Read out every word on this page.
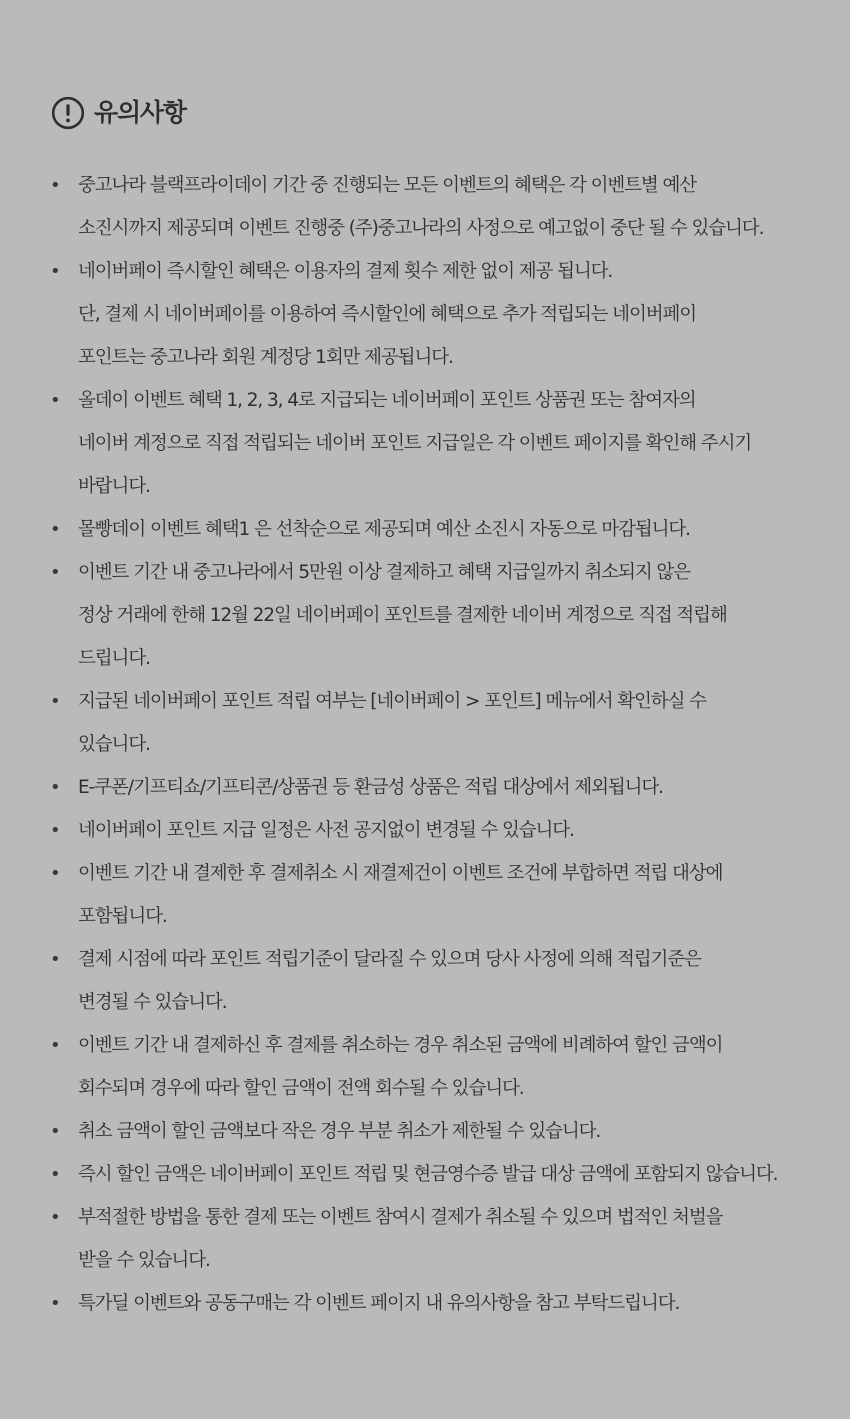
유의사항
• 중고나라 블랙프라이데이 기간 중 진행되는 모든 이벤트의 혜택은 각 이벤트별 예산
소진시까지 제공되며 이벤트 진행중 (주)중고나라의 사정으로 예고없이 중단 될 수 있습니다.
• 네이버페이 즉시할인 혜택은 이용자의 결제 횟수 제한 없이 제공 됩니다.
단, 결제 시 네이버페이를 이용하여 즉시할인에 혜택으로 추가 적립되는 네이버페이
포인트는 중고나라 회원 계정당 1회만 제공됩니다.
• 올데이 이벤트 혜택 1, 2, 3, 4로 지급되는 네이버페이 포인트 상품권 또는 참여자의
네이버 계정으로 직접 적립되는 네이버 포인트 지급일은 각 이벤트 페이지를 확인해 주시기
바랍니다.
• 몰빵데이 이벤트 혜택1 은 선착순으로 제공되며 예산 소진시 자동으로 마감됩니다.
• 이벤트 기간 내 중고나라에서 5만원 이상 결제하고 혜택 지급일까지 취소되지 않은
정상 거래에 한해 12월 22일 네이버페이 포인트를 결제한 네이버 계정으로 직접 적립해
드립니다.
• 지급된 네이버페이 포인트 적립 여부는 [네이버페이 > 포인트] 메뉴에서 확인하실 수
있습니다.
• E-쿠폰/기프티쇼/기프티콘/상품권 등 환금성 상품은 적립 대상에서 제외됩니다.
• 네이버페이 포인트 지급 일정은 사전 공지없이 변경될 수 있습니다.
• 이벤트 기간 내 결제한 후 결제취소 시 재결제건이 이벤트 조건에 부합하면 적립 대상에
포함됩니다.
• 결제 시점에 따라 포인트 적립기준이 달라질 수 있으며 당사 사정에 의해 적립기준은
변경될 수 있습니다.
• 이벤트 기간 내 결제하신 후 결제를 취소하는 경우 취소된 금액에 비례하여 할인 금액이
회수되며 경우에 따라 할인 금액이 전액 회수될 수 있습니다.
• 취소 금액이 할인 금액보다 작은 경우 부분 취소가 제한될 수 있습니다.
• 즉시 할인 금액은 네이버페이 포인트 적립 및 현금영수증 발급 대상 금액에 포함되지 않습니다.
• 부적절한 방법을 통한 결제 또는 이벤트 참여시 결제가 취소될 수 있으며 법적인 처벌을
받을 수 있습니다.
• 특가딜 이벤트와 공동구매는 각 이벤트 페이지 내 유의사항을 참고 부탁드립니다.
